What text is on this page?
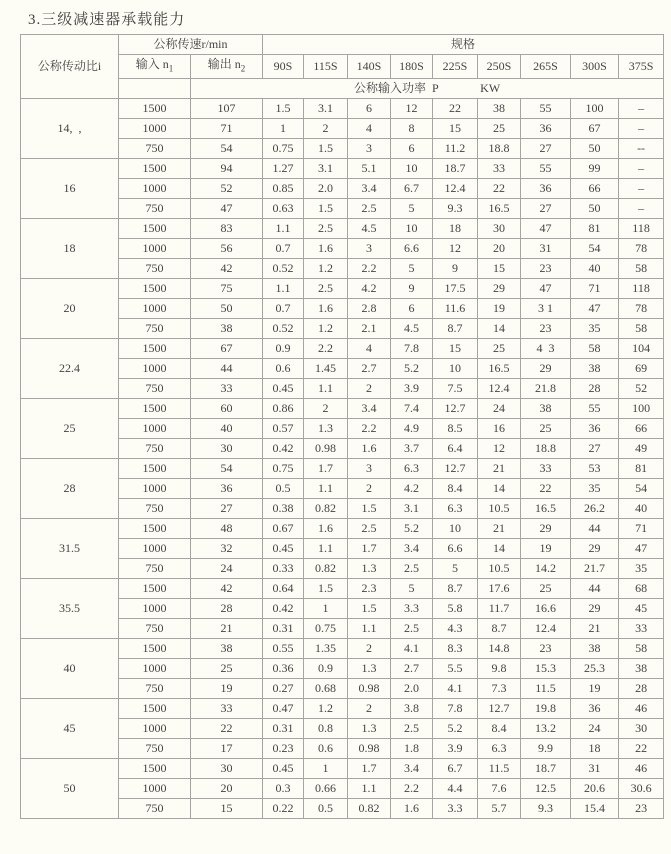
3.三级减速器承载能力
公称传动比i	公称传速r/min		规格								
	输入 $n_1$	输出 $n_2$	90S	115S	140S	180S	225S	250S	265S	300S	375S
		公称输入功率  P              KW									
14,  ,	1500	107	1.5	3.1	6	12	22	38	55	100	–
	1000	71	1	2	4	8	15	25	36	67	–
	750	54	0.75	1.5	3	6	11.2	18.8	27	50	--
16	1500	94	1.27	3.1	5.1	10	18.7	33	55	99	–
	1000	52	0.85	2.0	3.4	6.7	12.4	22	36	66	–
	750	47	0.63	1.5	2.5	5	9.3	16.5	27	50	–
18	1500	83	1.1	2.5	4.5	10	18	30	47	81	118
	1000	56	0.7	1.6	3	6.6	12	20	31	54	78
	750	42	0.52	1.2	2.2	5	9	15	23	40	58
20	1500	75	1.1	2.5	4.2	9	17.5	29	47	71	118
	1000	50	0.7	1.6	2.8	6	11.6	19	3 1	47	78
	750	38	0.52	1.2	2.1	4.5	8.7	14	23	35	58
22.4	1500	67	0.9	2.2	4	7.8	15	25	4  3	58	104
	1000	44	0.6	1.45	2.7	5.2	10	16.5	29	38	69
	750	33	0.45	1.1	2	3.9	7.5	12.4	21.8	28	52
25	1500	60	0.86	2	3.4	7.4	12.7	24	38	55	100
	1000	40	0.57	1.3	2.2	4.9	8.5	16	25	36	66
	750	30	0.42	0.98	1.6	3.7	6.4	12	18.8	27	49
28	1500	54	0.75	1.7	3	6.3	12.7	21	33	53	81
	1000	36	0.5	1.1	2	4.2	8.4	14	22	35	54
	750	27	0.38	0.82	1.5	3.1	6.3	10.5	16.5	26.2	40
31.5	1500	48	0.67	1.6	2.5	5.2	10	21	29	44	71
	1000	32	0.45	1.1	1.7	3.4	6.6	14	19	29	47
	750	24	0.33	0.82	1.3	2.5	5	10.5	14.2	21.7	35
35.5	1500	42	0.64	1.5	2.3	5	8.7	17.6	25	44	68
	1000	28	0.42	1	1.5	3.3	5.8	11.7	16.6	29	45
	750	21	0.31	0.75	1.1	2.5	4.3	8.7	12.4	21	33
40	1500	38	0.55	1.35	2	4.1	8.3	14.8	23	38	58
	1000	25	0.36	0.9	1.3	2.7	5.5	9.8	15.3	25.3	38
	750	19	0.27	0.68	0.98	2.0	4.1	7.3	11.5	19	28
45	1500	33	0.47	1.2	2	3.8	7.8	12.7	19.8	36	46
	1000	22	0.31	0.8	1.3	2.5	5.2	8.4	13.2	24	30
	750	17	0.23	0.6	0.98	1.8	3.9	6.3	9.9	18	22
50	1500	30	0.45	1	1.7	3.4	6.7	11.5	18.7	31	46
	1000	20	0.3	0.66	1.1	2.2	4.4	7.6	12.5	20.6	30.6
	750	15	0.22	0.5	0.82	1.6	3.3	5.7	9.3	15.4	23
